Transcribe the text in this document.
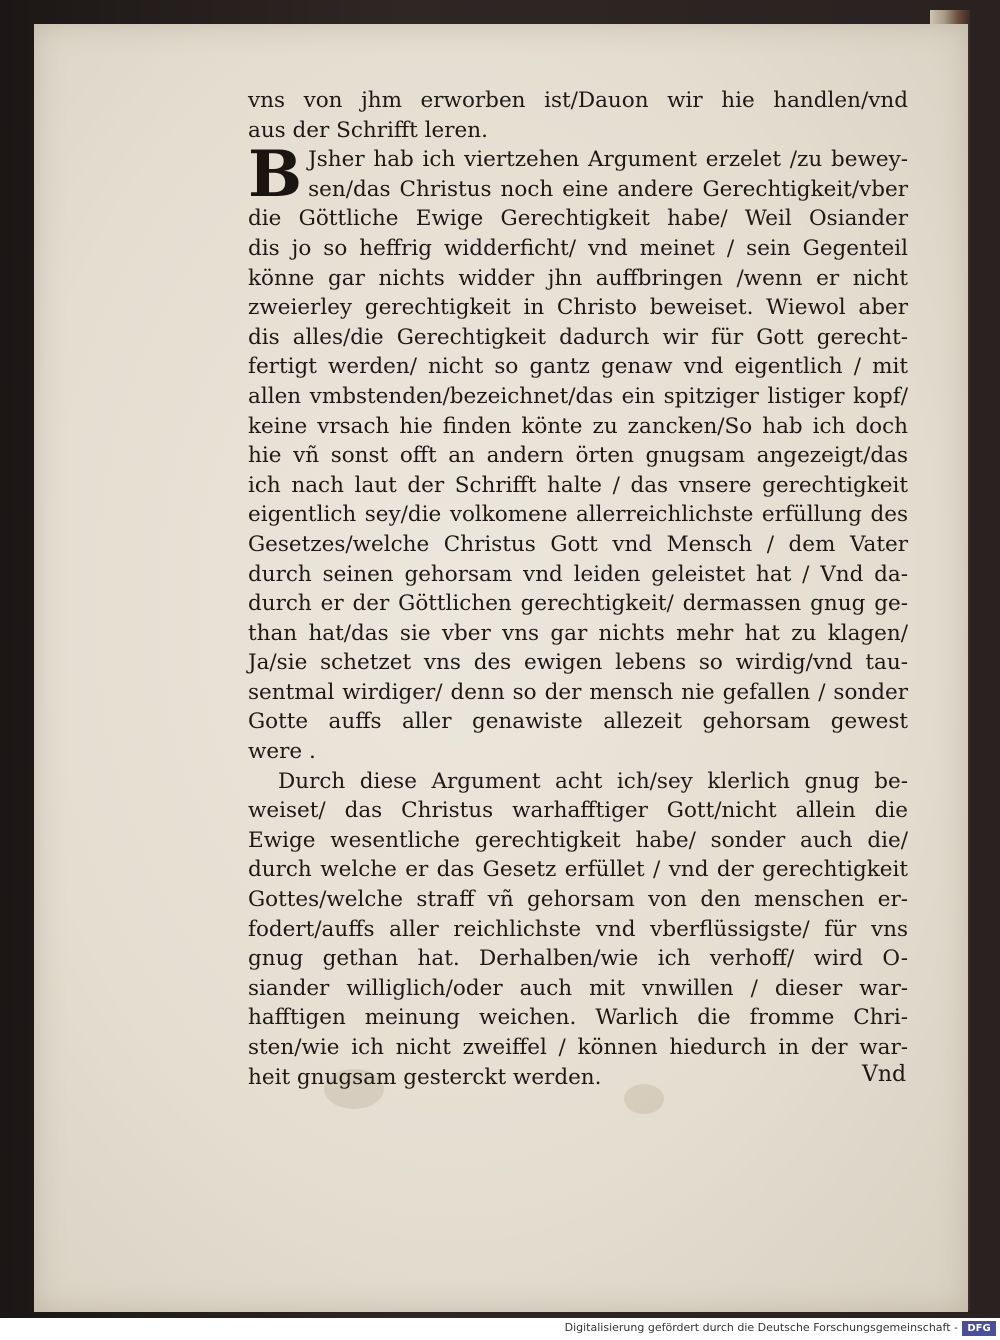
vns von jhm erworben ist/Dauon wir hie handlen/vnd
aus der Schrifft leren.
B Jsher hab ich viertzehen Argument erzelet /zu bewey-
sen/das Christus noch eine andere Gerechtigkeit/vber
die Göttliche Ewige Gerechtigkeit habe/ Weil Osiander
dis jo so heffrig widderficht/ vnd meinet / sein Gegenteil
könne gar nichts widder jhn auffbringen /wenn er nicht
zweierley gerechtigkeit in Christo beweiset. Wiewol aber
dis alles/die Gerechtigkeit dadurch wir für Gott gerecht-
fertigt werden/ nicht so gantz genaw vnd eigentlich / mit
allen vmbstenden/bezeichnet/das ein spitziger listiger kopf/
keine vrsach hie finden könte zu zancken/So hab ich doch
hie vñ sonst offt an andern örten gnugsam angezeigt/das
ich nach laut der Schrifft halte / das vnsere gerechtigkeit
eigentlich sey/die volkomene allerreichlichste erfüllung des
Gesetzes/welche Christus Gott vnd Mensch / dem Vater
durch seinen gehorsam vnd leiden geleistet hat / Vnd da-
durch er der Göttlichen gerechtigkeit/ dermassen gnug ge-
than hat/das sie vber vns gar nichts mehr hat zu klagen/
Ja/sie schetzet vns des ewigen lebens so wirdig/vnd tau-
sentmal wirdiger/ denn so der mensch nie gefallen / sonder
Gotte auffs aller genawiste allezeit gehorsam gewest
were .
Durch diese Argument acht ich/sey klerlich gnug be-
weiset/ das Christus warhafftiger Gott/nicht allein die
Ewige wesentliche gerechtigkeit habe/ sonder auch die/
durch welche er das Gesetz erfüllet / vnd der gerechtigkeit
Gottes/welche straff vñ gehorsam von den menschen er-
fodert/auffs aller reichlichste vnd vberflüssigste/ für vns
gnug gethan hat. Derhalben/wie ich verhoff/ wird O-
siander williglich/oder auch mit vnwillen / dieser war-
hafftigen meinung weichen. Warlich die fromme Chri-
sten/wie ich nicht zweiffel / können hiedurch in der war-
heit gnugsam gesterckt werden.	Vnd
Digitalisierung gefördert durch die Deutsche Forschungsgemeinschaft - DFG
